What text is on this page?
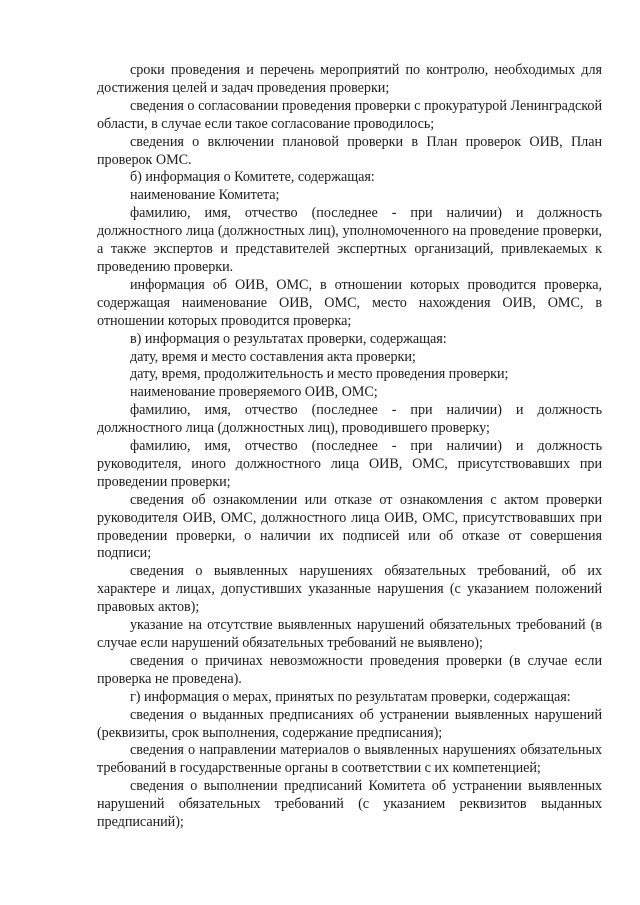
сроки проведения и перечень мероприятий по контролю, необходимых для достижения целей и задач проведения проверки;

сведения о согласовании проведения проверки с прокуратурой Ленинградской области, в случае если такое согласование проводилось;

сведения о включении плановой проверки в План проверок ОИВ, План проверок ОМС.

б) информация о Комитете, содержащая:

наименование Комитета;

фамилию, имя, отчество (последнее - при наличии) и должность должностного лица (должностных лиц), уполномоченного на проведение проверки, а также экспертов и представителей экспертных организаций, привлекаемых к проведению проверки.

информация об ОИВ, ОМС, в отношении которых проводится проверка, содержащая наименование ОИВ, ОМС, место нахождения ОИВ, ОМС, в отношении которых проводится проверка;

в) информация о результатах проверки, содержащая:

дату, время и место составления акта проверки;

дату, время, продолжительность и место проведения проверки;

наименование проверяемого ОИВ, ОМС;

фамилию, имя, отчество (последнее - при наличии) и должность должностного лица (должностных лиц), проводившего проверку;

фамилию, имя, отчество (последнее - при наличии) и должность руководителя, иного должностного лица ОИВ, ОМС, присутствовавших при проведении проверки;

сведения об ознакомлении или отказе от ознакомления с актом проверки руководителя ОИВ, ОМС, должностного лица ОИВ, ОМС, присутствовавших при проведении проверки, о наличии их подписей или об отказе от совершения подписи;

сведения о выявленных нарушениях обязательных требований, об их характере и лицах, допустивших указанные нарушения (с указанием положений правовых актов);

указание на отсутствие выявленных нарушений обязательных требований (в случае если нарушений обязательных требований не выявлено);

сведения о причинах невозможности проведения проверки (в случае если проверка не проведена).

г) информация о мерах, принятых по результатам проверки, содержащая:

сведения о выданных предписаниях об устранении выявленных нарушений (реквизиты, срок выполнения, содержание предписания);

сведения о направлении материалов о выявленных нарушениях обязательных требований в государственные органы в соответствии с их компетенцией;

сведения о выполнении предписаний Комитета об устранении выявленных нарушений обязательных требований (с указанием реквизитов выданных предписаний);
